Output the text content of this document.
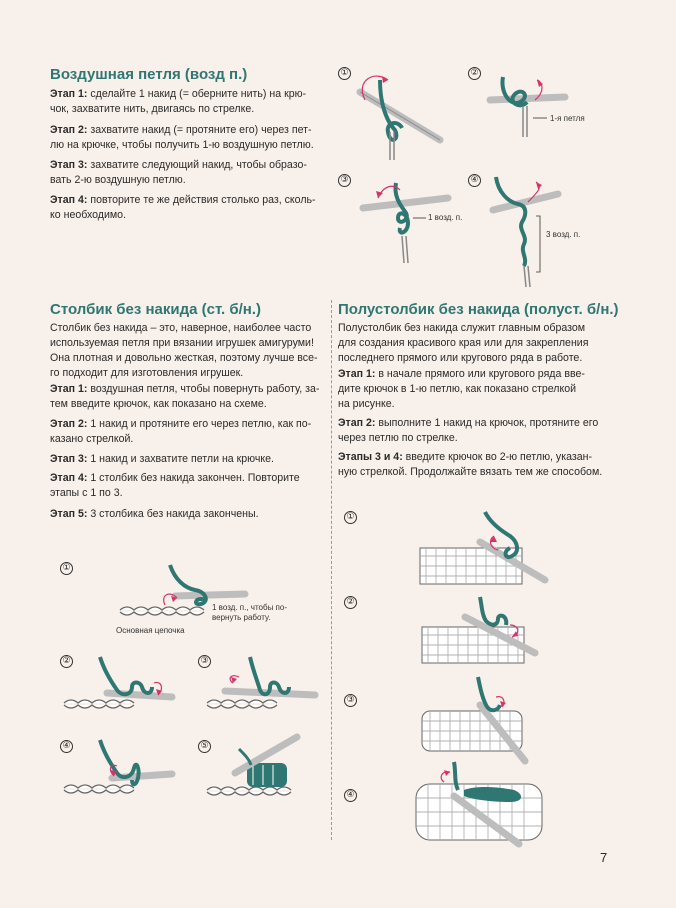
Воздушная петля (возд п.)

Этап 1: сделайте 1 накид (= оберните нить) на крю-
чок, захватите нить, двигаясь по стрелке.

Этап 2: захватите накид (= протяните его) через пет-
лю на крючке, чтобы получить 1-ю воздушную петлю.

Этап 3: захватите следующий накид, чтобы образо-
вать 2-ю воздушную петлю.

Этап 4: повторите те же действия столько раз, сколь-
ко необходимо.

①	②
1-я петля
③
1 возд. п.
④
3 возд. п.
Столбик без накида (ст. б/н.)

Столбик без накида – это, наверное, наиболее часто
используемая петля при вязании игрушек амигуруми!
Она плотная и довольно жесткая, поэтому лучше все-
го подходит для изготовления игрушек.

Этап 1: воздушная петля, чтобы повернуть работу, за-
тем введите крючок, как показано на схеме.

Этап 2: 1 накид и протяните его через петлю, как по-
казано стрелкой.

Этап 3: 1 накид и захватите петли на крючке.

Этап 4: 1 столбик без накида закончен. Повторите
этапы с 1 по 3.

Этап 5: 3 столбика без накида закончены.

①
1 возд. п., чтобы по-
вернуть работу.
Основная цепочка
②	③
④	⑤
Полустолбик без накида (полуст. б/н.)

Полустолбик без накида служит главным образом
для создания красивого края или для закрепления
последнего прямого или кругового ряда в работе.

Этап 1: в начале прямого или кругового ряда вве-
дите крючок в 1-ю петлю, как показано стрелкой
на рисунке.

Этап 2: выполните 1 накид на крючок, протяните его
через петлю по стрелке.

Этапы 3 и 4: введите крючок во 2-ю петлю, указан-
ную стрелкой. Продолжайте вязать тем же способом.

①
②
③
④
7
